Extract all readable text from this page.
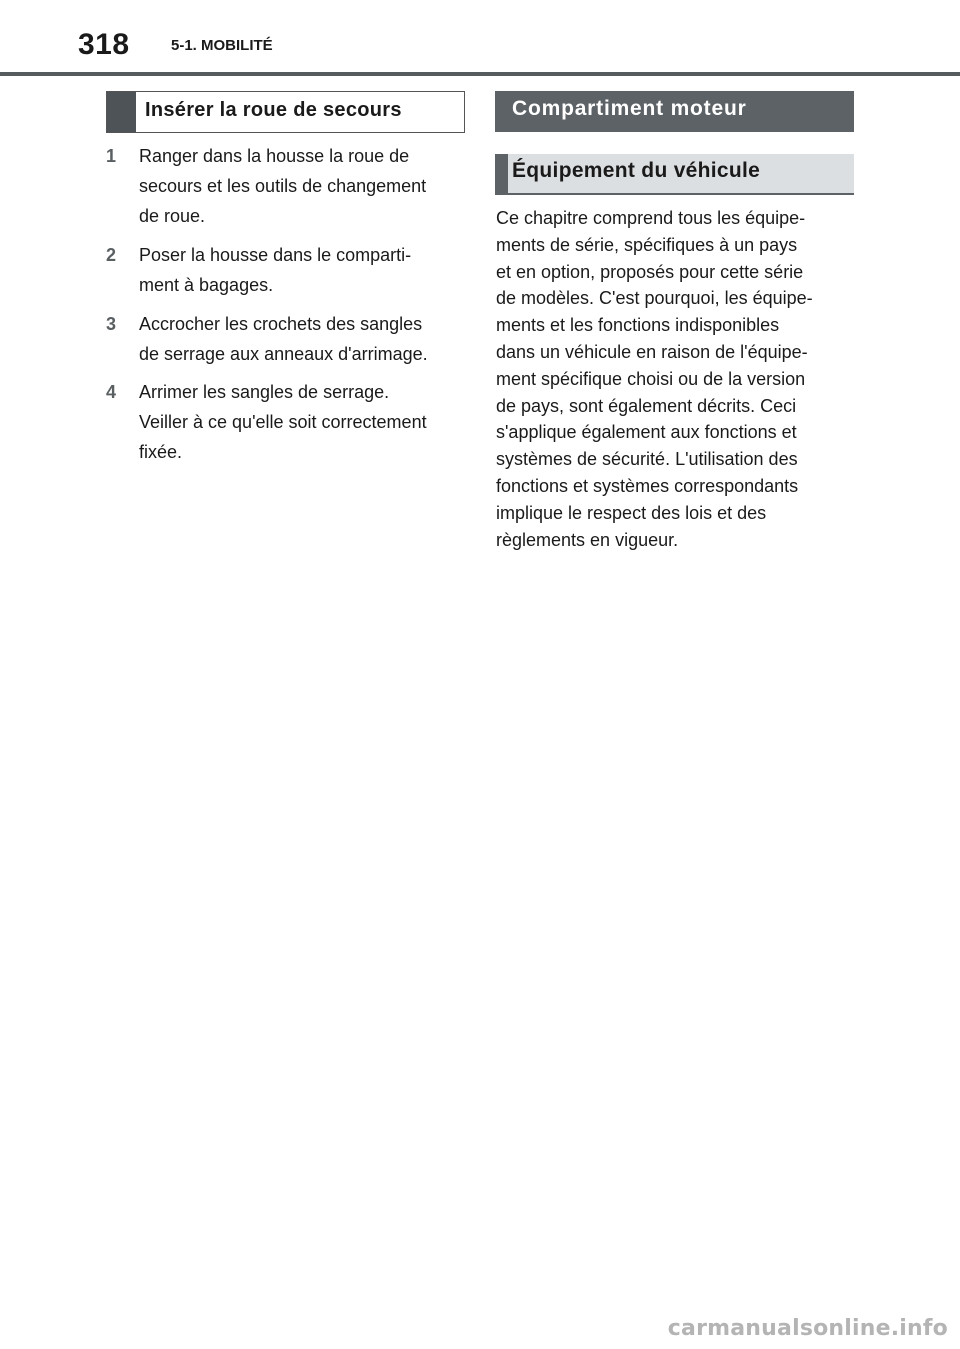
318	5-1. MOBILITÉ
Insérer la roue de secours
1 Ranger dans la housse la roue de
secours et les outils de changement
de roue.
2 Poser la housse dans le comparti-
ment à bagages.
3 Accrocher les crochets des sangles
de serrage aux anneaux d'arrimage.
4 Arrimer les sangles de serrage.
Veiller à ce qu'elle soit correctement
fixée.
Compartiment moteur
Équipement du véhicule
Ce chapitre comprend tous les équipe-
ments de série, spécifiques à un pays
et en option, proposés pour cette série
de modèles. C'est pourquoi, les équipe-
ments et les fonctions indisponibles
dans un véhicule en raison de l'équipe-
ment spécifique choisi ou de la version
de pays, sont également décrits. Ceci
s'applique également aux fonctions et
systèmes de sécurité. L'utilisation des
fonctions et systèmes correspondants
implique le respect des lois et des
règlements en vigueur.
carmanualsonline.info
